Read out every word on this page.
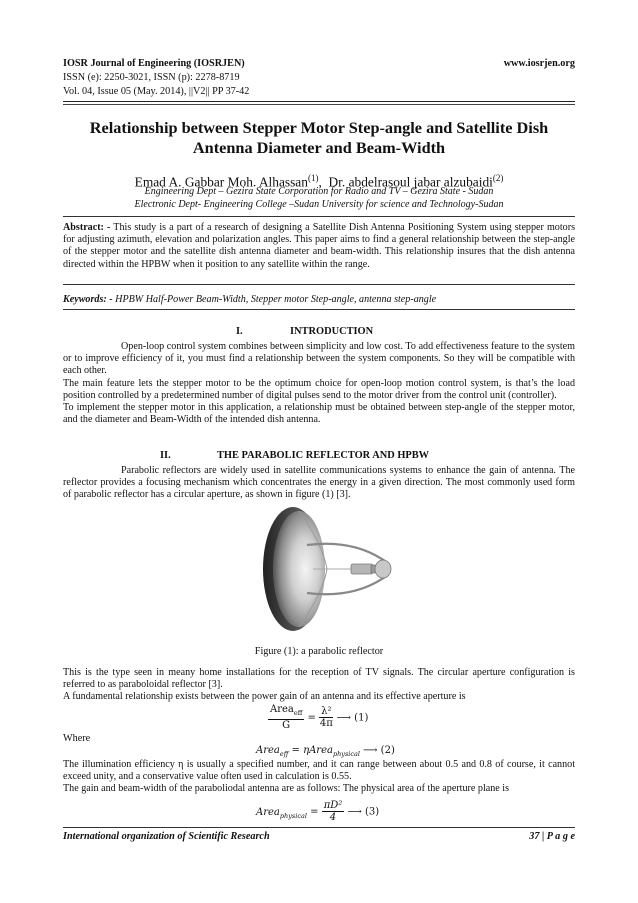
IOSR Journal of Engineering (IOSRJEN)	www.iosrjen.org
ISSN (e): 2250-3021, ISSN (p): 2278-8719
Vol. 04, Issue 05 (May. 2014), ||V2|| PP 37-42
Relationship between Stepper Motor Step-angle and Satellite Dish
Antenna Diameter and Beam-Width
Emad A. Gabbar Moh. Alhassan$^{(1)}$, Dr. abdelrasoul jabar alzubaidi$^{(2)}$
Engineering Dept – Gezira State Corporation for Radio and TV – Gezira State - Sudan
Electronic Dept- Engineering College –Sudan University for science and Technology-Sudan

Abstract: - This study is a part of a research of designing a Satellite Dish Antenna Positioning System using stepper motors for adjusting azimuth, elevation and polarization angles. This paper aims to find a general relationship between the step-angle of the stepper motor and the satellite dish antenna diameter and beam-width. This relationship insures that the dish antenna directed within the HPBW when it position to any satellite within the range.

Keywords: - HPBW Half-Power Beam-Width, Stepper motor Step-angle, antenna step-angle

I.	INTRODUCTION

Open-loop control system combines between simplicity and low cost. To add effectiveness feature to the system or to improve efficiency of it, you must find a relationship between the system components. So they will be compatible with each other.

The main feature lets the stepper motor to be the optimum choice for open-loop motion control system, is that’s the load position controlled by a predetermined number of digital pulses send to the motor driver from the control unit (controller).

To implement the stepper motor in this application, a relationship must be obtained between step-angle of the stepper motor, and the diameter and Beam-Width of the intended dish antenna.

II.	THE PARABOLIC REFLECTOR AND HPBW

Parabolic reflectors are widely used in satellite communications systems to enhance the gain of antenna. The reflector provides a focusing mechanism which concentrates the energy in a given direction. The most commonly used form of parabolic reflector has a circular aperture, as shown in figure (1) [3].

Figure (1): a parabolic reflector

This is the type seen in meany home installations for the reception of TV signals. The circular aperture configuration is referred to as paraboloidal reflector [3].

A fundamental relationship exists between the power gain of an antenna and its effective aperture is

$\frac{Area_{eff}}{G} = \frac{\text{λ²}}{4\pi}$ ⟶ (1)
Where
Area$_{eff}$ = ηArea$_{physical}$ ⟶ (2)

The illumination efficiency η is usually a specified number, and it can range between about 0.5 and 0.8 of course, it cannot exceed unity, and a conservative value often used in calculation is 0.55.

The gain and beam-width of the paraboliodal antenna are as follows: The physical area of the aperture plane is

Area$_{physical}$ = $\frac{\text{πD²}}{4}$ ⟶ (3)
International organization of Scientific Research	37 | P a g e
